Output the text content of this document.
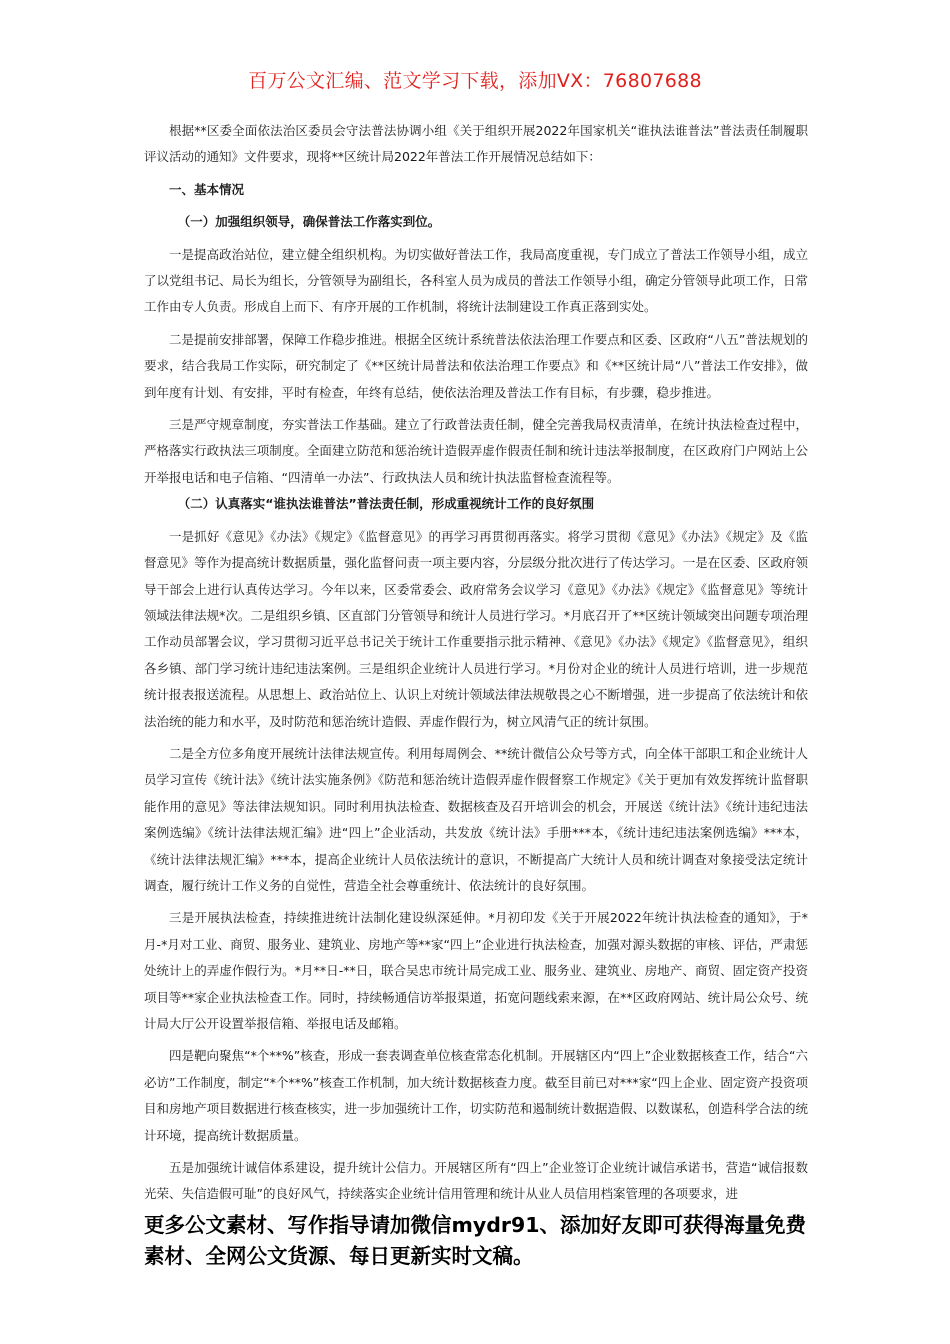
百万公文汇编、范文学习下载，添加VX：76807688

根据**区委全面依法治区委员会守法普法协调小组《关于组织开展2022年国家机关“谁执法谁普法”普法责任制履职评议活动的通知》文件要求，现将**区统计局2022年普法工作开展情况总结如下：

一、基本情况

（一）加强组织领导，确保普法工作落实到位。

一是提高政治站位，建立健全组织机构。为切实做好普法工作，我局高度重视，专门成立了普法工作领导小组，成立了以党组书记、局长为组长，分管领导为副组长，各科室人员为成员的普法工作领导小组，确定分管领导此项工作，日常工作由专人负责。形成自上而下、有序开展的工作机制，将统计法制建设工作真正落到实处。

二是提前安排部署，保障工作稳步推进。根据全区统计系统普法依法治理工作要点和区委、区政府“八五”普法规划的要求，结合我局工作实际，研究制定了《**区统计局普法和依法治理工作要点》和《**区统计局“八”普法工作安排》，做到年度有计划、有安排，平时有检查，年终有总结，使依法治理及普法工作有目标，有步骤，稳步推进。

三是严守规章制度，夯实普法工作基础。建立了行政普法责任制，健全完善我局权责清单，在统计执法检查过程中，严格落实行政执法三项制度。全面建立防范和惩治统计造假弄虚作假责任制和统计违法举报制度，在区政府门户网站上公开举报电话和电子信箱、“四清单一办法”、行政执法人员和统计执法监督检查流程等。

（二）认真落实“谁执法谁普法”普法责任制，形成重视统计工作的良好氛围

一是抓好《意见》《办法》《规定》《监督意见》的再学习再贯彻再落实。将学习贯彻《意见》《办法》《规定》及《监督意见》等作为提高统计数据质量，强化监督问责一项主要内容，分层级分批次进行了传达学习。一是在区委、区政府领导干部会上进行认真传达学习。今年以来，区委常委会、政府常务会议学习《意见》《办法》《规定》《监督意见》等统计领域法律法规*次。二是组织乡镇、区直部门分管领导和统计人员进行学习。*月底召开了**区统计领域突出问题专项治理工作动员部署会议，学习贯彻习近平总书记关于统计工作重要指示批示精神、《意见》《办法》《规定》《监督意见》，组织各乡镇、部门学习统计违纪违法案例。三是组织企业统计人员进行学习。*月份对企业的统计人员进行培训，进一步规范统计报表报送流程。从思想上、政治站位上、认识上对统计领域法律法规敬畏之心不断增强，进一步提高了依法统计和依法治统的能力和水平，及时防范和惩治统计造假、弄虚作假行为，树立风清气正的统计氛围。

二是全方位多角度开展统计法律法规宣传。利用每周例会、**统计微信公众号等方式，向全体干部职工和企业统计人员学习宣传《统计法》《统计法实施条例》《防范和惩治统计造假弄虚作假督察工作规定》《关于更加有效发挥统计监督职能作用的意见》等法律法规知识。同时利用执法检查、数据核查及召开培训会的机会，开展送《统计法》《统计违纪违法案例选编》《统计法律法规汇编》进“四上”企业活动，共发放《统计法》手册***本，《统计违纪违法案例选编》***本，《统计法律法规汇编》***本，提高企业统计人员依法统计的意识，不断提高广大统计人员和统计调查对象接受法定统计调查，履行统计工作义务的自觉性，营造全社会尊重统计、依法统计的良好氛围。

三是开展执法检查，持续推进统计法制化建设纵深延伸。*月初印发《关于开展2022年统计执法检查的通知》，于*月-*月对工业、商贸、服务业、建筑业、房地产等**家“四上”企业进行执法检查，加强对源头数据的审核、评估，严肃惩处统计上的弄虚作假行为。*月**日-**日，联合吴忠市统计局完成工业、服务业、建筑业、房地产、商贸、固定资产投资项目等**家企业执法检查工作。同时，持续畅通信访举报渠道，拓宽问题线索来源，在**区政府网站、统计局公众号、统计局大厅公开设置举报信箱、举报电话及邮箱。

四是靶向聚焦“*个**%”核查，形成一套表调查单位核查常态化机制。开展辖区内“四上”企业数据核查工作，结合“六必访”工作制度，制定“*个**%”核查工作机制，加大统计数据核查力度。截至目前已对***家“四上企业、固定资产投资项目和房地产项目数据进行核查核实，进一步加强统计工作，切实防范和遏制统计数据造假、以数谋私，创造科学合法的统计环境，提高统计数据质量。

五是加强统计诚信体系建设，提升统计公信力。开展辖区所有“四上”企业签订企业统计诚信承诺书，营造“诚信报数光荣、失信造假可耻”的良好风气，持续落实企业统计信用管理和统计从业人员信用档案管理的各项要求，进

更多公文素材、写作指导请加微信mydr91、添加好友即可获得海量免费素材、全网公文货源、每日更新实时文稿。
